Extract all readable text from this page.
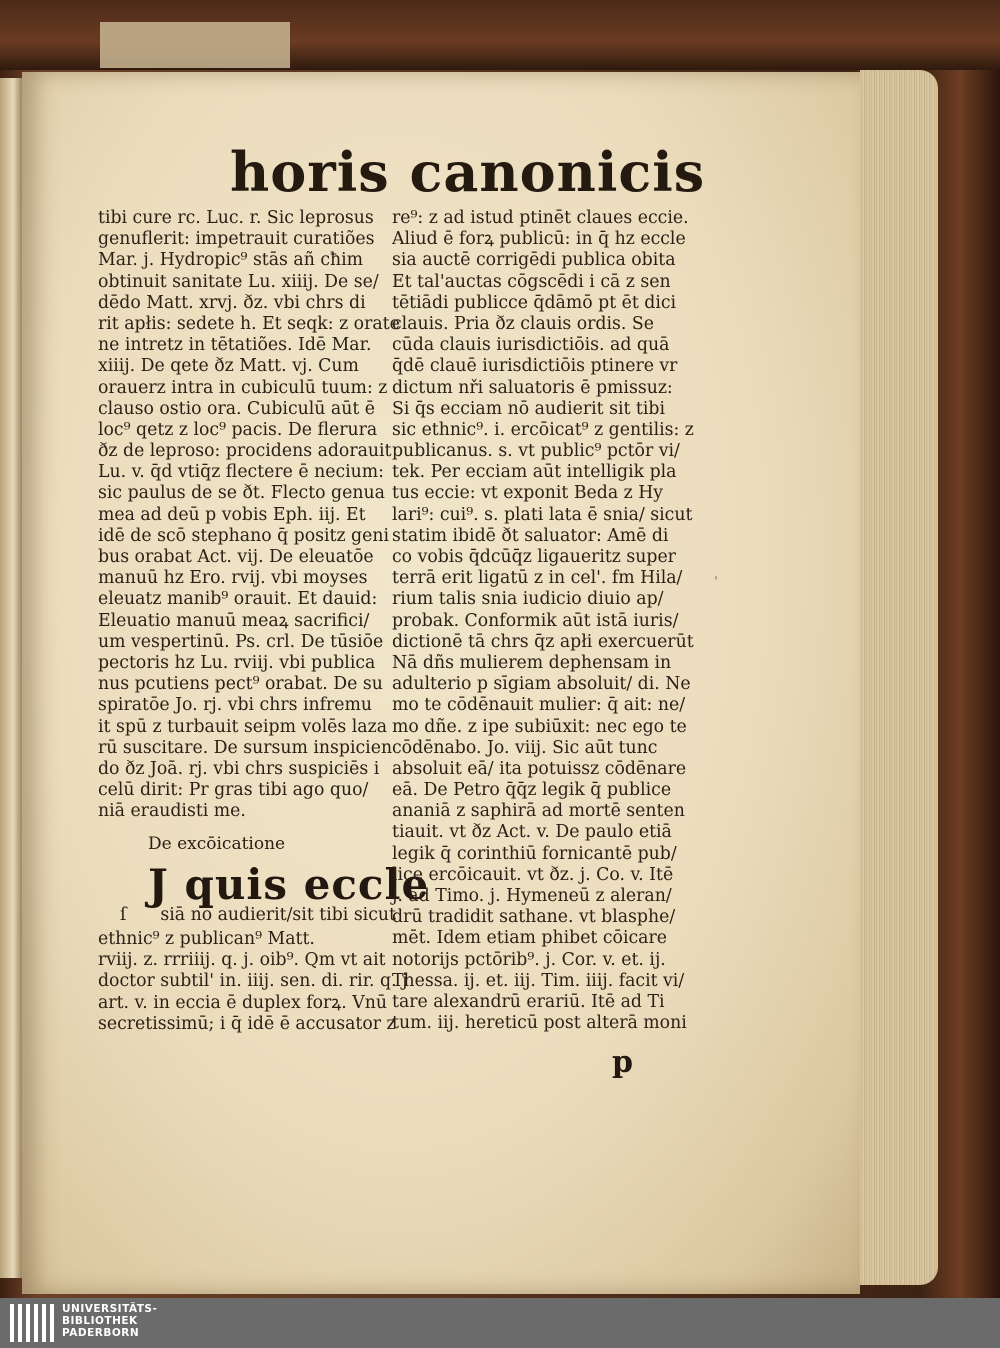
horis canonicis
tibi cure rc. Luc. r. Sic leprosus
genuflerit: impetrauit curatiões
Mar. j. Hydropic⁹ stās añ cħim
obtinuit sanitate Lu. xiiij. De se/
dēdo Matt. xrvj. ðz. vbi chrs di
rit apłis: sedete h. Et seqk: z orate
ne intretz in tētatiões. Idē Mar.
xiiij. De qete ðz Matt. vj. Cum
orauerz intra in cubiculū tuum: z
clauso ostio ora. Cubiculū aūt ē
loc⁹ qetz z loc⁹ pacis. De flerura
ðz de leproso: procidens adorauit
Lu. v. q̄d vtiq̄z flectere ē necium:
sic paulus de se ðt. Flecto genua
mea ad deū p vobis Eph. iij. Et
idē de scō stephano q̄ positz geni
bus orabat Act. vij. De eleuatōe
manuū hz Ero. rvij. vbi moyses
eleuatz manib⁹ orauit. Et dauid:
Eleuatio manuū meaꝝ sacrifici/
um vespertinū. Ps. crl. De tūsiōe
pectoris hz Lu. rviij. vbi publica
nus pcutiens pect⁹ orabat. De su
spiratōe Jo. rj. vbi chrs infremu
it spū z turbauit seipm volēs laza
rū suscitare. De sursum inspicien
do ðz Joā. rj. vbi chrs suspiciēs i
celū dirit: Pr gras tibi ago quo/
niā eraudisti me.
De excōicatione
J quis eccle
ſ siā nō audierit/sit tibi sicut
ethnic⁹ z publican⁹ Matt.
rviij. z. rrriiij. q. j. oib⁹. Qm vt ait
doctor subtil' in. iiij. sen. di. rir. q. j
art. v. in eccia ē duplex forꝝ. Vnū
secretissimū; i q̄ idē ē accusator z
re⁹: z ad istud ptinēt claues eccie.
Aliud ē forꝝ publicū: in q̄ hz eccle
sia auctē corrigēdi publica obita
Et tal'auctas cōgscēdi i cā z sen
tētiādi publicce q̄dāmō pt ēt dici
clauis. Pria ðz clauis ordis. Se
cūda clauis iurisdictiōis. ad quā
q̄dē clauē iurisdictiōis ptinere vr
dictum nři saluatoris ē pmissuz:
Si q̄s ecciam nō audierit sit tibi
sic ethnic⁹. i. ercōicat⁹ z gentilis: z
publicanus. s. vt public⁹ pctōr vi/
tek. Per ecciam aūt intelligik pla
tus eccie: vt exponit Beda z Hy
lari⁹: cui⁹. s. plati lata ē snia/ sicut
statim ibidē ðt saluator: Amē di
co vobis q̄dcūq̄z ligaueritz super
terrā erit ligatū z in cel'. fm Hila/
rium talis snia iudicio diuio ap/
probak. Conformik aūt istā iuris/
dictionē tā chrs q̄z apłi exercuerūt
Nā dñs mulierem dephensam in
adulterio p sīgiam absoluit/ di. Ne
mo te cōdēnauit mulier: q̄ ait: ne/
mo dñe. z ipe subiūxit: nec ego te
cōdēnabo. Jo. viij. Sic aūt tunc
absoluit eā/ ita potuissz cōdēnare
eā. De Petro q̄q̄z legik q̄ publice
ananiā z saphirā ad mortē senten
tiauit. vt ðz Act. v. De paulo etiā
legik q̄ corinthiū fornicantē pub/
lice ercōicauit. vt ðz. j. Co. v. Itē
j. ad Timo. j. Hymeneū z aleran/
drū tradidit sathane. vt blasphe/
mēt. Idem etiam phibet cōicare
notorijs pctōrib⁹. j. Cor. v. et. ij.
Thessa. ij. et. iij. Tim. iiij. facit vi/
tare alexandrū erariū. Itē ad Ti
tum. iij. hereticū post alterā moni
p
ˈ
UNIVERSITÄTS-
BIBLIOTHEK
PADERBORN
